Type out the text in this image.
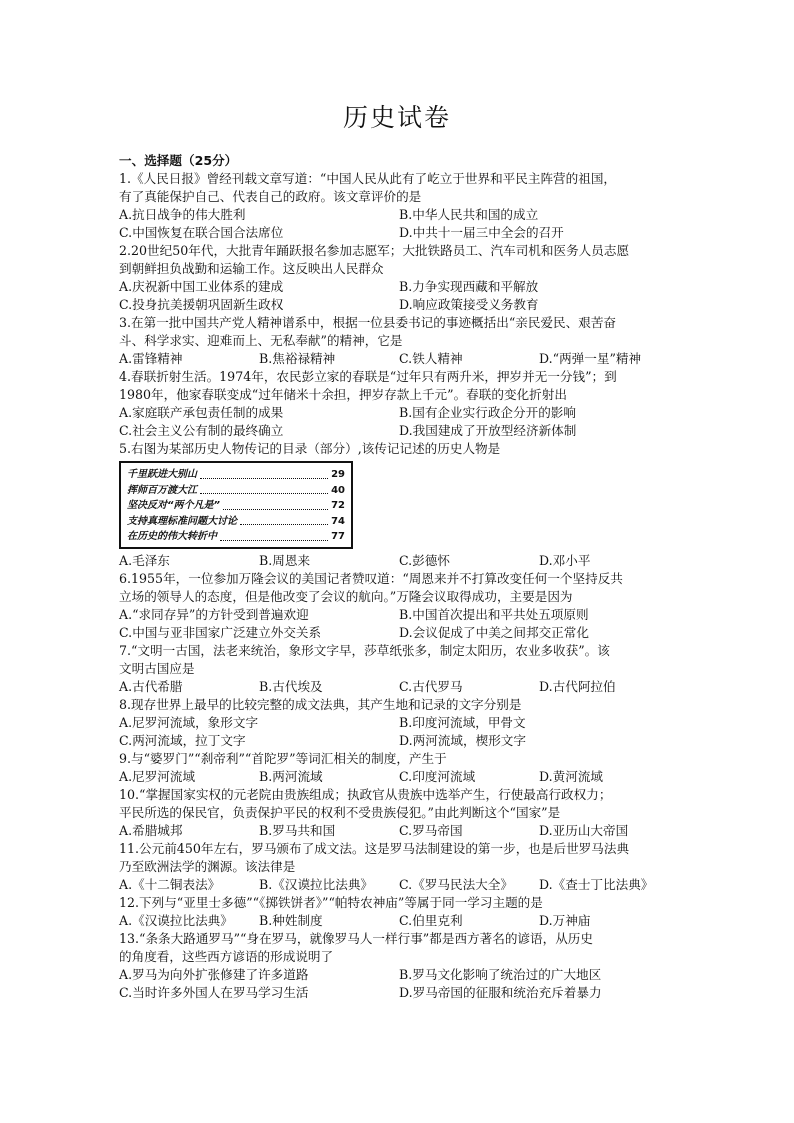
历史试卷
一、选择题（25分）
1.《人民日报》曾经刊载文章写道：“中国人民从此有了屹立于世界和平民主阵营的祖国，
有了真能保护自己、代表自己的政府。该文章评价的是
A.抗日战争的伟大胜利	B.中华人民共和国的成立
C.中国恢复在联合国合法席位	D.中共十一届三中全会的召开
2.20世纪50年代，大批青年踊跃报名参加志愿军；大批铁路员工、汽车司机和医务人员志愿
到朝鲜担负战勤和运输工作。这反映出人民群众
A.庆祝新中国工业体系的建成	B.力争实现西藏和平解放
C.投身抗美援朝巩固新生政权	D.响应政策接受义务教育
3.在第一批中国共产党人精神谱系中，根据一位县委书记的事迹概括出“亲民爱民、艰苦奋
斗、科学求实、迎难而上、无私奉献”的精神，它是
A.雷锋精神	B.焦裕禄精神	C.铁人精神	D.“两弹一星”精神
4.春联折射生活。1974年，农民彭立家的春联是“过年只有两升米，押岁并无一分钱”；到
1980年，他家春联变成“过年储米十余担，押岁存款上千元”。春联的变化折射出
A.家庭联产承包责任制的成果	B.国有企业实行政企分开的影响
C.社会主义公有制的最终确立	D.我国建成了开放型经济新体制
5.右图为某部历史人物传记的目录（部分）,该传记记述的历史人物是
千里跃进大别山	29
挥师百万渡大江	40
坚决反对“两个凡是”	72
支持真理标准问题大讨论	74
在历史的伟大转折中	77
A.毛泽东	B.周恩来	C.彭德怀	D.邓小平
6.1955年，一位参加万隆会议的美国记者赞叹道：“周恩来并不打算改变任何一个坚持反共
立场的领导人的态度，但是他改变了会议的航向。”万隆会议取得成功，主要是因为
A.“求同存异”的方针受到普遍欢迎	B.中国首次提出和平共处五项原则
C.中国与亚非国家广泛建立外交关系	D.会议促成了中美之间邦交正常化
7.“文明一古国，法老来统治，象形文字早，莎草纸张多，制定太阳历，农业多收获”。该
文明古国应是
A.古代希腊	B.古代埃及	C.古代罗马	D.古代阿拉伯
8.现存世界上最早的比较完整的成文法典，其产生地和记录的文字分别是
A.尼罗河流域，象形文字	B.印度河流域，甲骨文
C.两河流域，拉丁文字	D.两河流域，楔形文字
9.与“婆罗门”“刹帝利”“首陀罗”等词汇相关的制度，产生于
A.尼罗河流域	B.两河流域	C.印度河流域	D.黄河流域
10.“掌握国家实权的元老院由贵族组成；执政官从贵族中选举产生，行使最高行政权力；
平民所选的保民官，负责保护平民的权利不受贵族侵犯。”由此判断这个“国家”是
A.希腊城邦	B.罗马共和国	C.罗马帝国	D.亚历山大帝国
11.公元前450年左右，罗马颁布了成文法。这是罗马法制建设的第一步，也是后世罗马法典
乃至欧洲法学的渊源。该法律是
A.《十二铜表法》	B.《汉谟拉比法典》	C.《罗马民法大全》	D.《查士丁比法典》
12.下列与“亚里士多德”“《掷铁饼者》”“帕特农神庙”等属于同一学习主题的是
A.《汉谟拉比法典》	B.种姓制度	C.伯里克利	D.万神庙
13.“条条大路通罗马”“身在罗马，就像罗马人一样行事”都是西方著名的谚语，从历史
的角度看，这些西方谚语的形成说明了
A.罗马为向外扩张修建了许多道路	B.罗马文化影响了统治过的广大地区
C.当时许多外国人在罗马学习生活	D.罗马帝国的征服和统治充斥着暴力
